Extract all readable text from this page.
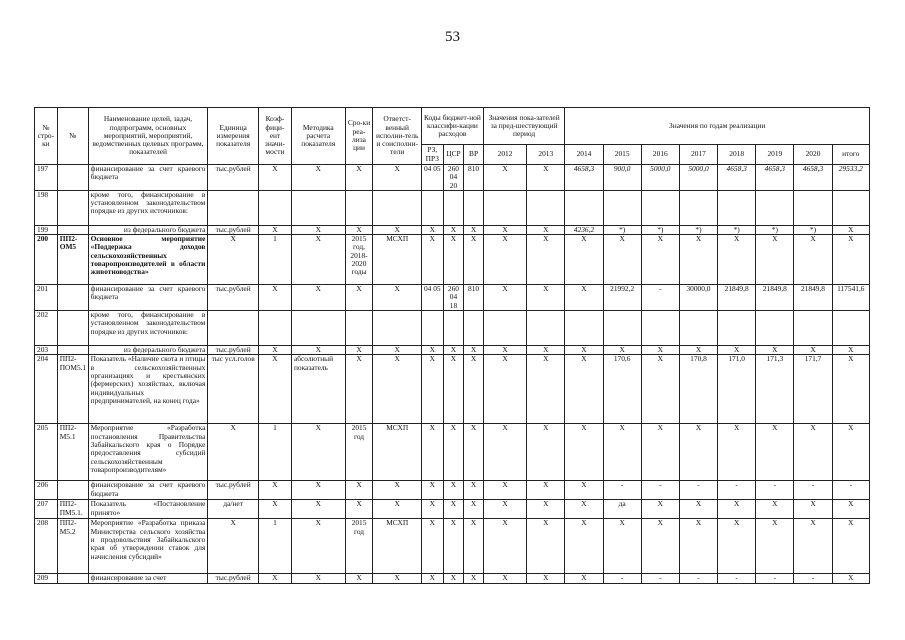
53
№ стро-ки	№	Наименование целей, задач, подпрограмм, основных мероприятий, мероприятий, ведомственных целевых программ, показателей	Единица измерения показателя	Коэф-фици-ент значи-мости	Методика расчета показателя	Сро-ки реа-лиза ции	Ответст-венный исполни-тель и соисполни-тели	Коды бюджет-ной классифи-кации расходов			Значения пока-зателей за пред-шествующий период		Значения по годам реализации							
								РЗ, ПРЗ	ЦСР	ВР	2012	2013	2014	2015	2016	2017	2018	2019	2020	итого
197		финансирование за счет краевого бюджета	тыс.рублей	Х	Х	Х	Х	04 05	260 04 20	810	Х	Х	4658,3	900,0	5000,0	5000,0	4658,3	4658,3	4658,3	29533,2
198		кроме того, финансирование в установленном законодательством порядке из других источников:																		
199		из федерального бюджета	тыс.рублей	Х	Х	Х	Х	Х	Х	Х	Х	Х	4236,2	*)	*)	*)	*)	*)	*)	Х
200	ПП2-ОМ5	Основное мероприятие «Поддержка доходов сельскохозяйственных товаропроизводителей в области животноводства»	Х	1	Х	2015 год, 2018-2020 годы	МСХП	Х	Х	Х	Х	Х	Х	Х	Х	Х	Х	Х	Х	Х
201		финансирование за счет краевого бюджета	тыс.рублей	Х	Х	Х	Х	04 05	260 04 18	810	Х	Х	Х	21992,2	-	30000,0	21849,8	21849,8	21849,8	117541,6
202		кроме того, финансирование в установленном законодательством порядке из других источников:																		
203		из федерального бюджета	тыс.рублей	Х	Х	Х	Х	Х	Х	Х	Х	Х	Х	Х	Х	Х	Х	Х	Х	Х
204	ПП2-ПОМ5.1	Показатель «Наличие скота и птицы в сельскохозяйственных организациях и крестьянских (фермерских) хозяйствах, включая индивидуальных предпринимателей, на конец года»	тыс усл.голов	Х	абсолютный показатель	Х	Х	Х	Х	Х	Х	Х	Х	170,6	Х	170,8	171,0	171,3	171,7	Х
205	ПП2-М5.1	Мероприятие «Разработка постановления Правительства Забайкальского края о Порядке предоставления субсидий сельскохозяйственным товаропроизводителям»	Х	1	Х	2015 год	МСХП	Х	Х	Х	Х	Х	Х	Х	Х	Х	Х	Х	Х	Х
206		финансирование за счет краевого бюджета	тыс.рублей	Х	Х	Х	Х	Х	Х	Х	Х	Х	Х	-	-	-	-	-	-	-
207	ПП2-ПМ5.1.	Показатель «Постановление принято»	да/нет	Х	Х	Х	Х	Х	Х	Х	Х	Х	Х	да	Х	Х	Х	Х	Х	Х
208	ПП2-М5.2	Мероприятие «Разработка приказа Министерства сельского хозяйства и продовольствия Забайкальского края об утверждении ставок для начисления субсидий»	Х	1	Х	2015 год	МСХП	Х	Х	Х	Х	Х	Х	Х	Х	Х	Х	Х	Х	Х
209		финансирование за счет	тыс.рублей	Х	Х	Х	Х	Х	Х	Х	Х	Х	Х	-	-	-	-	-	-	Х
